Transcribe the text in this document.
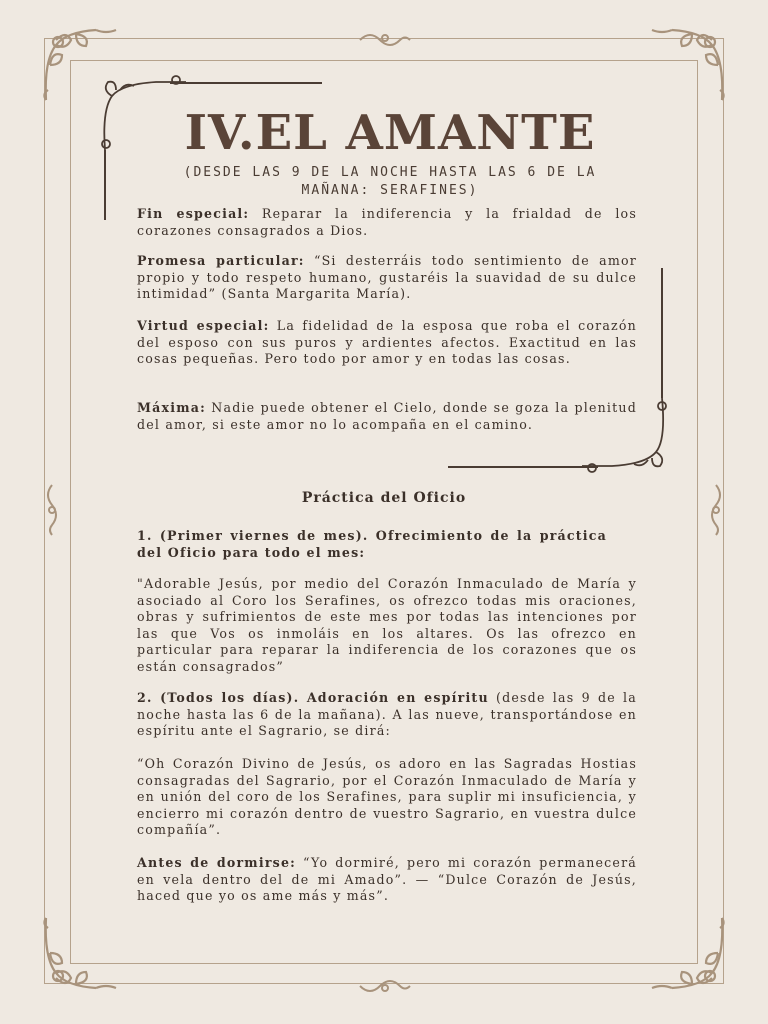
IV.EL AMANTE
(DESDE LAS 9 DE LA NOCHE HASTA LAS 6 DE LA MAÑANA: SERAFINES)
Fin especial: Reparar la indiferencia y la frialdad de los corazones consagrados a Dios.
Promesa particular: “Si desterráis todo sentimiento de amor propio y todo respeto humano, gustaréis la suavidad de su dulce intimidad” (Santa Margarita María).
Virtud especial: La fidelidad de la esposa que roba el corazón del esposo con sus puros y ardientes afectos. Exactitud en las cosas pequeñas. Pero todo por amor y en todas las cosas.
Máxima: Nadie puede obtener el Cielo, donde se goza la plenitud del amor, si este amor no lo acompaña en el camino.
Práctica del Oficio
1. (Primer viernes de mes). Ofrecimiento de la práctica del Oficio para todo el mes:
"Adorable Jesús, por medio del Corazón Inmaculado de María y asociado al Coro los Serafines, os ofrezco todas mis oraciones, obras y sufrimientos de este mes por todas las intenciones por las que Vos os inmoláis en los altares. Os las ofrezco en particular para reparar la indiferencia de los corazones que os están consagrados”
2. (Todos los días). Adoración en espíritu (desde las 9 de la noche hasta las 6 de la mañana). A las nueve, transportándose en espíritu ante el Sagrario, se dirá:
“Oh Corazón Divino de Jesús, os adoro en las Sagradas Hostias consagradas del Sagrario, por el Corazón Inmaculado de María y en unión del coro de los Serafines, para suplir mi insuficiencia, y encierro mi corazón dentro de vuestro Sagrario, en vuestra dulce compañía”.
Antes de dormirse: “Yo dormiré, pero mi corazón permanecerá en vela dentro del de mi Amado”. — “Dulce Corazón de Jesús, haced que yo os ame más y más”.
